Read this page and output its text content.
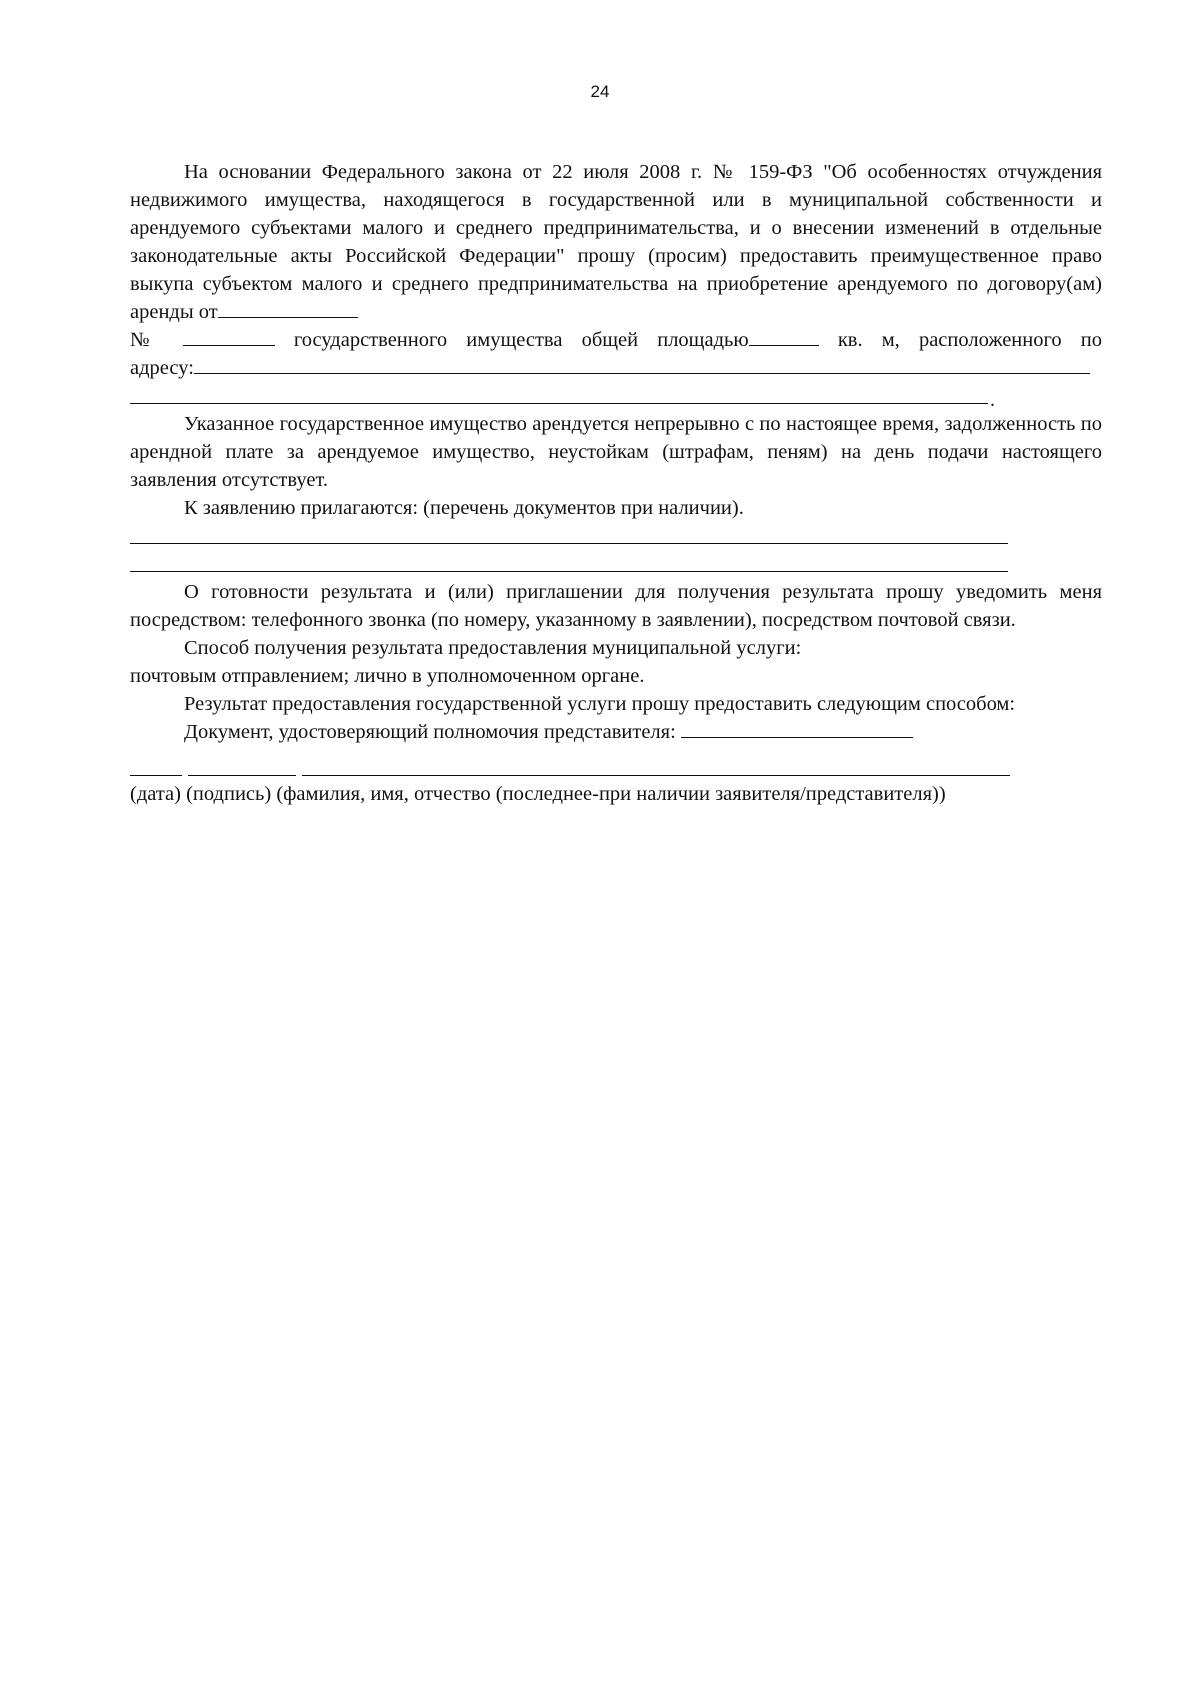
24

На основании Федерального закона от 22 июля 2008 г. № 159-ФЗ "Об особенностях отчуждения недвижимого имущества, находящегося в государственной или в муниципальной собственности и арендуемого субъектами малого и среднего предпринимательства, и о внесении изменений в отдельные законодательные акты Российской Федерации" прошу (просим) предоставить преимущественное право выкупа субъектом малого и среднего предпринимательства на приобретение арендуемого по договору(ам) аренды от

№	государственного имущества общей площадью	кв. м, расположенного по

адресу:

.

Указанное государственное имущество арендуется непрерывно с по настоящее время, задолженность по арендной плате за арендуемое имущество, неустойкам (штрафам, пеням) на день подачи настоящего заявления отсутствует.

К заявлению прилагаются: (перечень документов при наличии).

О готовности результата и (или) приглашении для получения результата прошу уведомить меня посредством: телефонного звонка (по номеру, указанному в заявлении), посредством почтовой связи.

Способ получения результата предоставления муниципальной услуги:

почтовым отправлением; лично в уполномоченном органе.

Результат предоставления государственной услуги прошу предоставить следующим способом:

Документ, удостоверяющий полномочия представителя:

(дата) (подпись) (фамилия, имя, отчество (последнее-при наличии заявителя/представителя))
